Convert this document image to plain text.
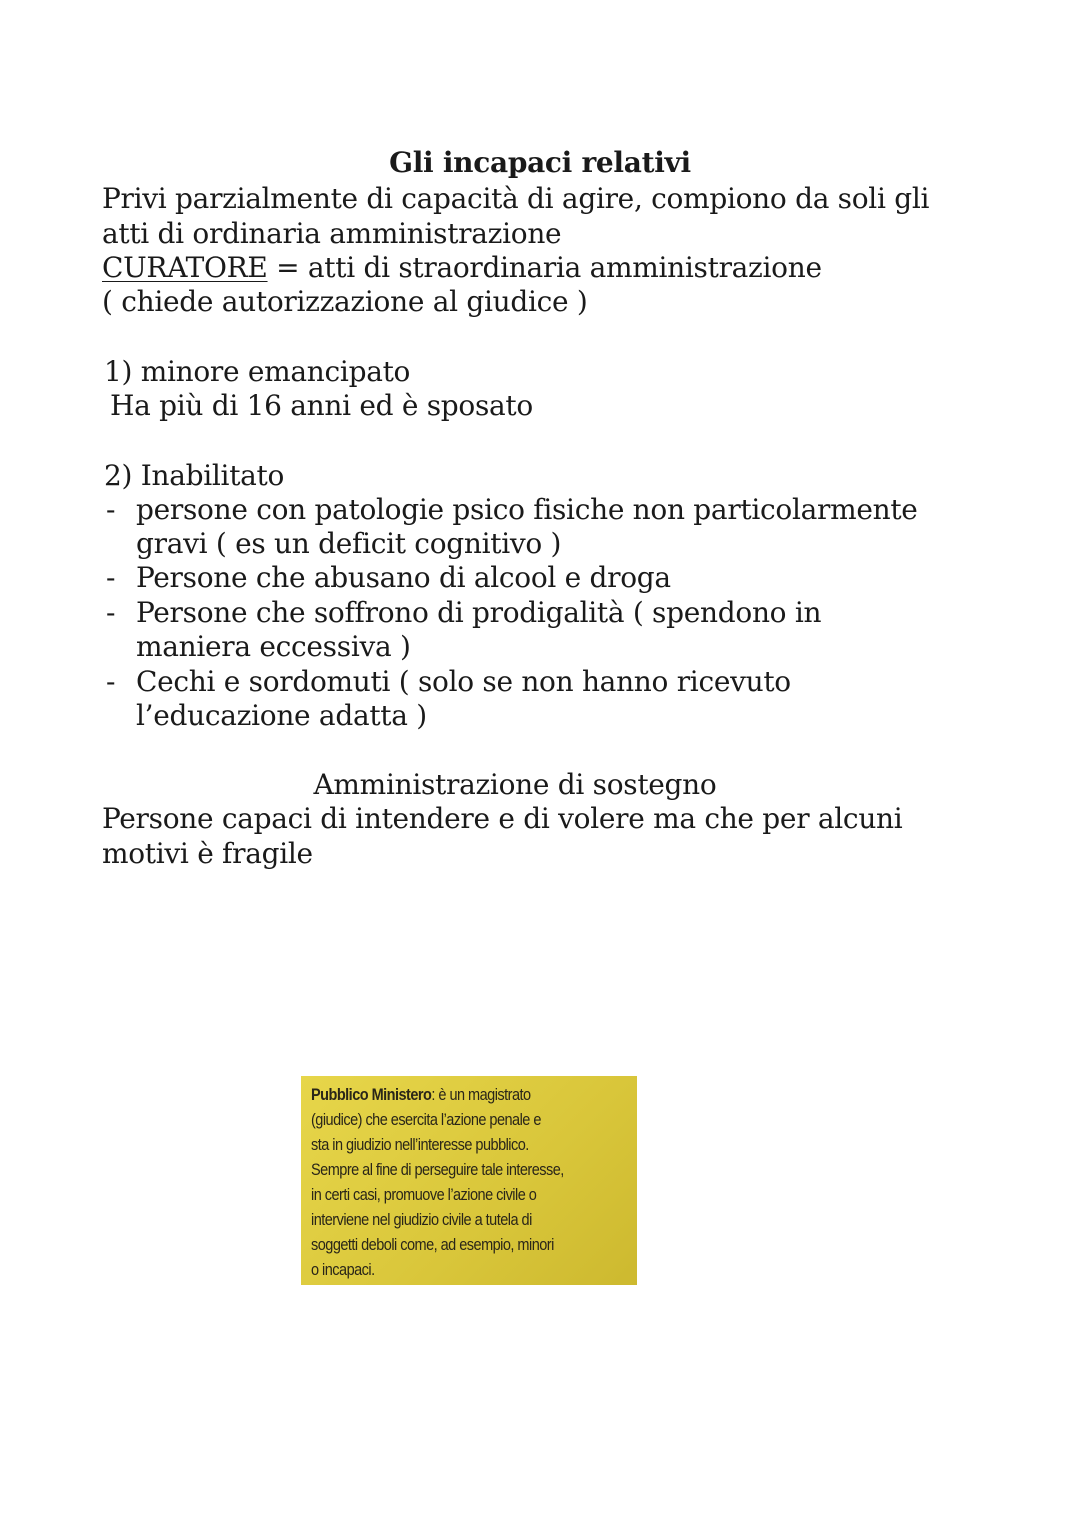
Gli incapaci relativi
Privi parzialmente di capacità di agire, compiono da soli gli
atti di ordinaria amministrazione
CURATORE = atti di straordinaria amministrazione
( chiede autorizzazione al giudice )
1) minore emancipato
Ha più di 16 anni ed è sposato
2) Inabilitato
- persone con patologie psico fisiche non particolarmente
gravi ( es un deficit cognitivo )
- Persone che abusano di alcool e droga
- Persone che soffrono di prodigalità ( spendono in
maniera eccessiva )
- Cechi e sordomuti ( solo se non hanno ricevuto
l’educazione adatta )
Amministrazione di sostegno
Persone capaci di intendere e di volere ma che per alcuni
motivi è fragile
Pubblico Ministero: è un magistrato
(giudice) che esercita l’azione penale e
sta in giudizio nell’interesse pubblico.
Sempre al fine di perseguire tale interesse,
in certi casi, promuove l’azione civile o
interviene nel giudizio civile a tutela di
soggetti deboli come, ad esempio, minori
o incapaci.
